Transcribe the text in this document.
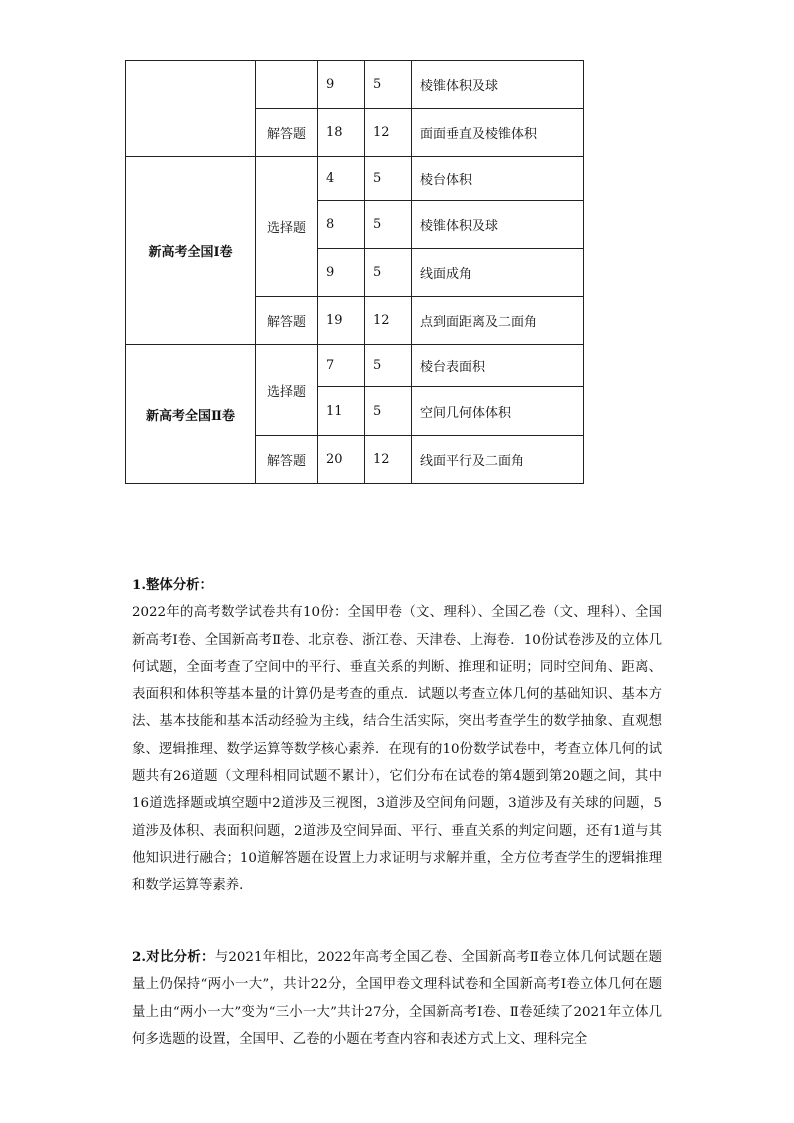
		9	5	棱锥体积及球
	解答题	18	12	面面垂直及棱锥体积
新高考全国Ⅰ卷	选择题	4	5	棱台体积
		8	5	棱锥体积及球
		9	5	线面成角
	解答题	19	12	点到面距离及二面角
新高考全国Ⅱ卷	选择题	7	5	棱台表面积
		11	5	空间几何体体积
	解答题	20	12	线面平行及二面角

1.整体分析：

2022年的高考数学试卷共有10份：全国甲卷（文、理科）、全国乙卷（文、理科）、全国新高考Ⅰ卷、全国新高考Ⅱ卷、北京卷、浙江卷、天津卷、上海卷．10份试卷涉及的立体几何试题，全面考查了空间中的平行、垂直关系的判断、推理和证明；同时空间角、距离、表面积和体积等基本量的计算仍是考查的重点．试题以考查立体几何的基础知识、基本方法、基本技能和基本活动经验为主线，结合生活实际，突出考查学生的数学抽象、直观想象、逻辑推理、数学运算等数学核心素养．在现有的10份数学试卷中，考查立体几何的试题共有26道题（文理科相同试题不累计），它们分布在试卷的第4题到第20题之间，其中16道选择题或填空题中2道涉及三视图，3道涉及空间角问题，3道涉及有关球的问题，5道涉及体积、表面积问题，2道涉及空间异面、平行、垂直关系的判定问题，还有1道与其他知识进行融合；10道解答题在设置上力求证明与求解并重，全方位考查学生的逻辑推理和数学运算等素养．

2.对比分析：与2021年相比，2022年高考全国乙卷、全国新高考Ⅱ卷立体几何试题在题量上仍保持“两小一大”，共计22分，全国甲卷文理科试卷和全国新高考Ⅰ卷立体几何在题量上由“两小一大”变为“三小一大”共计27分，全国新高考Ⅰ卷、Ⅱ卷延续了2021年立体几何多选题的设置，全国甲、乙卷的小题在考查内容和表述方式上文、理科完全
